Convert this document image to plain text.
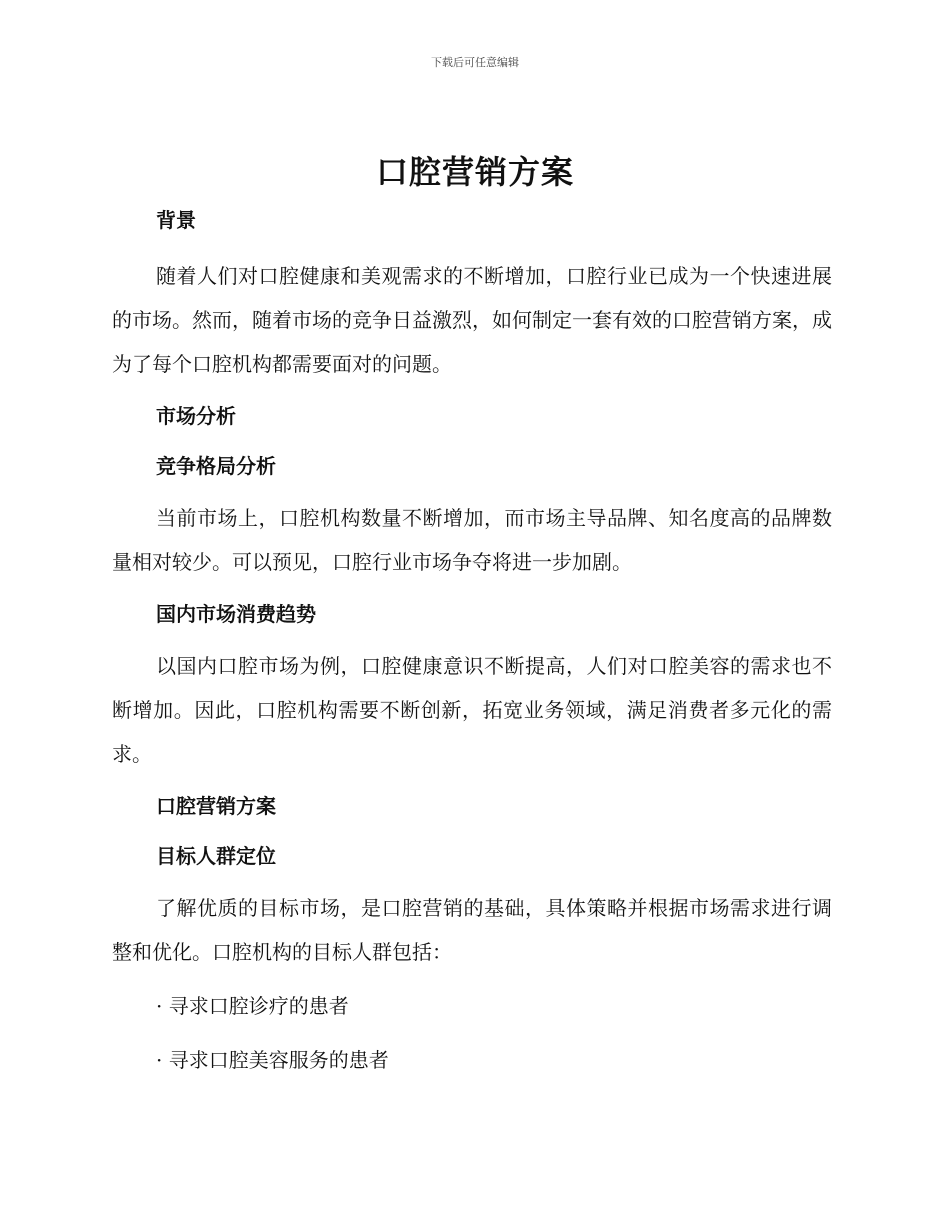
下载后可任意编辑
口腔营销方案
背景

随着人们对口腔健康和美观需求的不断增加，口腔行业已成为一个快速进展的市场。然而，随着市场的竞争日益激烈，如何制定一套有效的口腔营销方案，成为了每个口腔机构都需要面对的问题。

市场分析
竞争格局分析

当前市场上，口腔机构数量不断增加，而市场主导品牌、知名度高的品牌数量相对较少。可以预见，口腔行业市场争夺将进一步加剧。

国内市场消费趋势

以国内口腔市场为例，口腔健康意识不断提高，人们对口腔美容的需求也不断增加。因此，口腔机构需要不断创新，拓宽业务领域，满足消费者多元化的需求。

口腔营销方案
目标人群定位

了解优质的目标市场，是口腔营销的基础，具体策略并根据市场需求进行调整和优化。口腔机构的目标人群包括：

· 寻求口腔诊疗的患者

· 寻求口腔美容服务的患者
